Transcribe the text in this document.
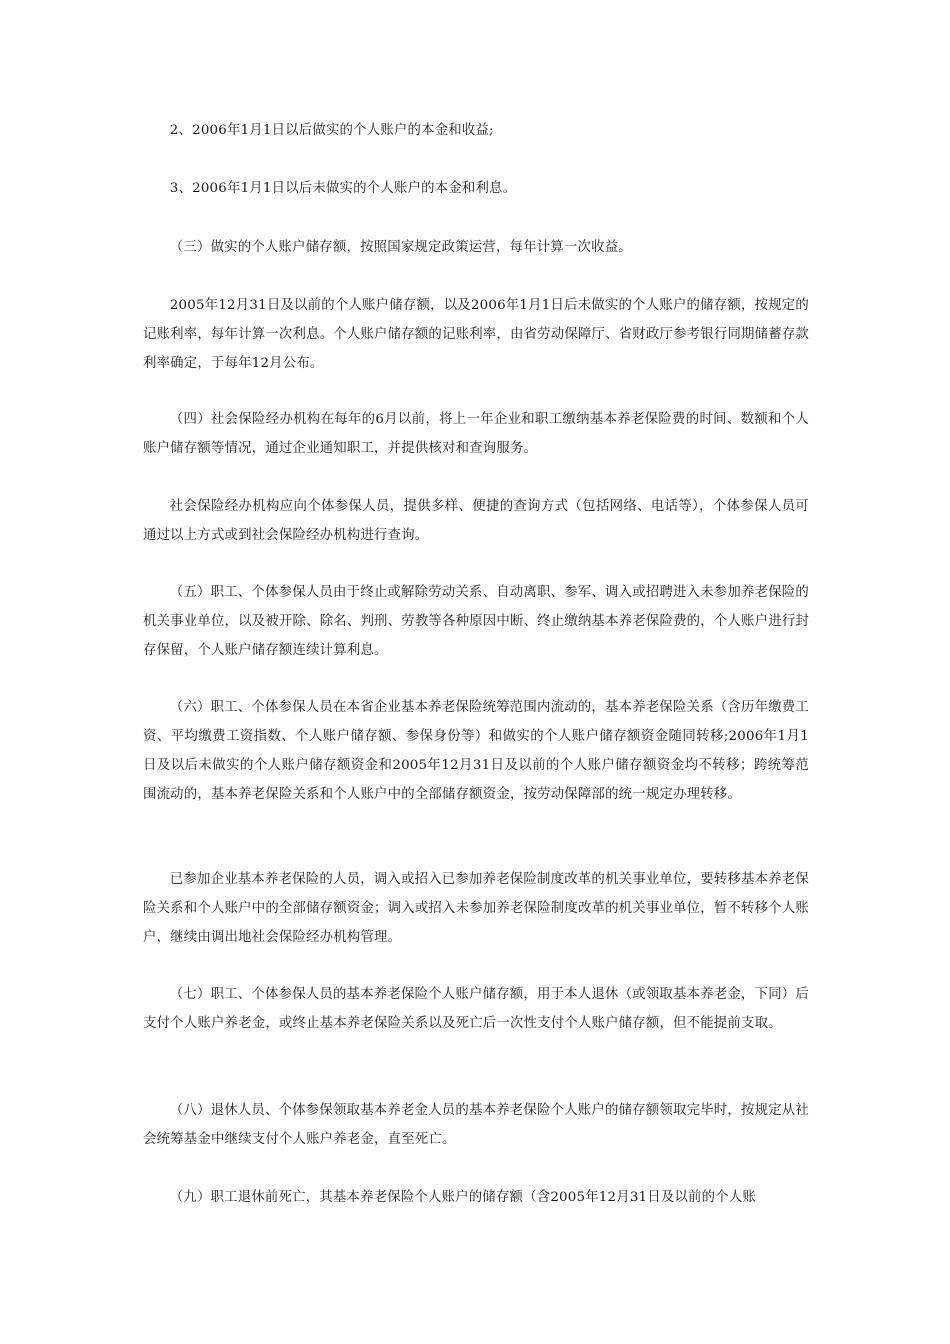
2、2006年1月1日以后做实的个人账户的本金和收益;

3、2006年1月1日以后未做实的个人账户的本金和利息。

（三）做实的个人账户储存额，按照国家规定政策运营，每年计算一次收益。

2005年12月31日及以前的个人账户储存额，以及2006年1月1日后未做实的个人账户的储存额，按规定的记账利率，每年计算一次利息。个人账户储存额的记账利率，由省劳动保障厅、省财政厅参考银行同期储蓄存款利率确定，于每年12月公布。

（四）社会保险经办机构在每年的6月以前，将上一年企业和职工缴纳基本养老保险费的时间、数额和个人账户储存额等情况，通过企业通知职工，并提供核对和查询服务。

社会保险经办机构应向个体参保人员，提供多样、便捷的查询方式（包括网络、电话等），个体参保人员可通过以上方式或到社会保险经办机构进行查询。

（五）职工、个体参保人员由于终止或解除劳动关系、自动离职、参军、调入或招聘进入未参加养老保险的机关事业单位，以及被开除、除名、判刑、劳教等各种原因中断、终止缴纳基本养老保险费的，个人账户进行封存保留，个人账户储存额连续计算利息。

（六）职工、个体参保人员在本省企业基本养老保险统筹范围内流动的，基本养老保险关系（含历年缴费工资、平均缴费工资指数、个人账户储存额、参保身份等）和做实的个人账户储存额资金随同转移;2006年1月1日及以后未做实的个人账户储存额资金和2005年12月31日及以前的个人账户储存额资金均不转移；跨统筹范围流动的，基本养老保险关系和个人账户中的全部储存额资金，按劳动保障部的统一规定办理转移。

已参加企业基本养老保险的人员，调入或招入已参加养老保险制度改革的机关事业单位，要转移基本养老保险关系和个人账户中的全部储存额资金；调入或招入未参加养老保险制度改革的机关事业单位，暂不转移个人账户，继续由调出地社会保险经办机构管理。

（七）职工、个体参保人员的基本养老保险个人账户储存额，用于本人退休（或领取基本养老金，下同）后支付个人账户养老金，或终止基本养老保险关系以及死亡后一次性支付个人账户储存额，但不能提前支取。

（八）退休人员、个体参保领取基本养老金人员的基本养老保险个人账户的储存额领取完毕时，按规定从社会统筹基金中继续支付个人账户养老金，直至死亡。

（九）职工退休前死亡，其基本养老保险个人账户的储存额（含2005年12月31日及以前的个人账
